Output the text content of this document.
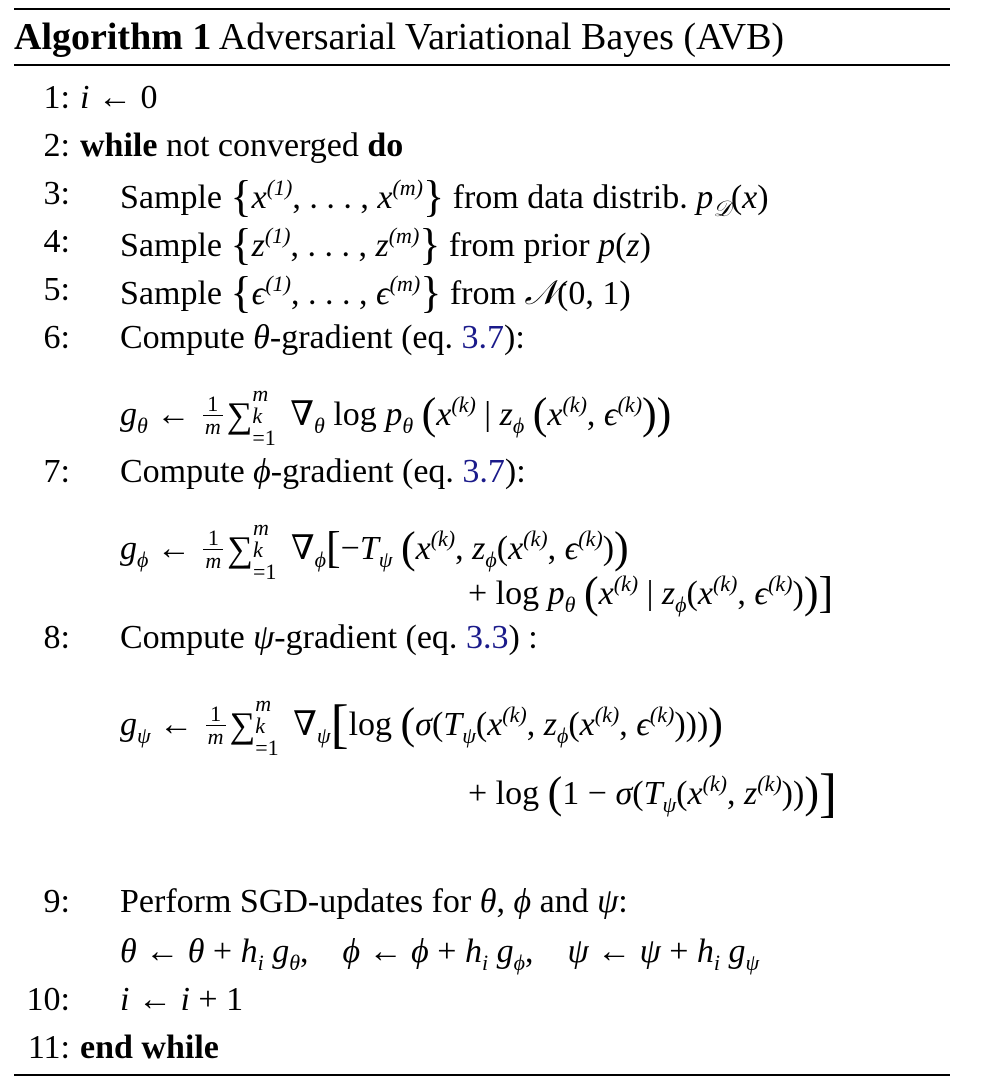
Algorithm 1 Adversarial Variational Bayes (AVB)
1: i ← 0
2: while not converged do
3: Sample {$x^{(1)}$, . . . , $x^{(m)}$} from data distrib. $p_𝒟(x)$
4: Sample {$z^{(1)}$, . . . , $z^{(m)}$} from prior p(z)
5: Sample {$\epsilon^{(1)}$, . . . , $\epsilon^{(m)}$} from 𝒩(0, 1)
6: Compute θ-gradient (eq. 3.7):
$g_\theta$ ← $\frac{1}{m}$ ∑
m
k
=1
$\nabla_\theta$ $\log p_\theta$ ($x^{(k)}$ | $z_\phi$ ($x^{(k)}$, $\epsilon^{(k)}$))
7: Compute ϕ-gradient (eq. 3.7):
$g_\phi$ ← $\frac{1}{m}$ ∑
m
k
=1
$\nabla_\phi[-T_\psi$ ($x^{(k)}$, $z_\phi(x^{(k)}$, $\epsilon^{(k)}$))
+ $\log p_\theta$ ($x^{(k)}$ | $z_\phi(x^{(k)}$, $\epsilon^{(k)}$))]
8: Compute ψ-gradient (eq. 3.3) :
$g_\psi$ ← $\frac{1}{m}$ ∑
m
k
=1
$\nabla_\psi[\log$ ($\sigma(T_\psi(x^{(k)}$, $z_\phi(x^{(k)}$, $\epsilon^{(k)}$))))
+ $\log (1 - \sigma(T_\psi(x^{(k)}$, $z^{(k)}$)))]
9: Perform SGD-updates for θ, ϕ and ψ:
θ ← $\theta + h_i$ $g_\theta$,    ϕ ← $\phi + h_i$ $g_\phi$,    ψ ← $\psi + h_i$ $g_\psi$
10: i ← i + 1
11: end while
